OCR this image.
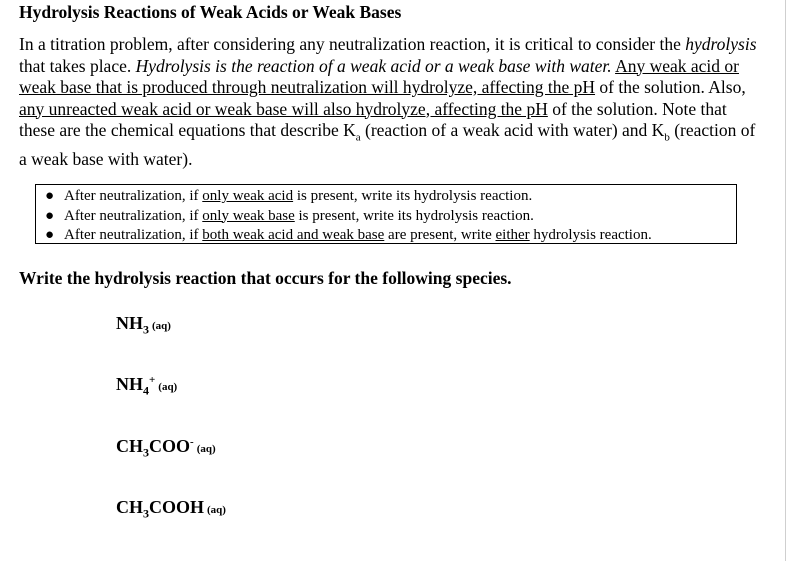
Hydrolysis Reactions of Weak Acids or Weak Bases
In a titration problem, after considering any neutralization reaction, it is critical to consider the hydrolysis that takes place. Hydrolysis is the reaction of a weak acid or a weak base with water. Any weak acid or weak base that is produced through neutralization will hydrolyze, affecting the pH of the solution. Also, any unreacted weak acid or weak base will also hydrolyze, affecting the pH of the solution. Note that these are the chemical equations that describe $K_a$ (reaction of a weak acid with water) and $K_b$ (reaction of a weak base with water).
● After neutralization, if only weak acid is present, write its hydrolysis reaction.
● After neutralization, if only weak base is present, write its hydrolysis reaction.
● After neutralization, if both weak acid and weak base are present, write either hydrolysis reaction.
Write the hydrolysis reaction that occurs for the following species.
$NH_3$ (aq)
$NH_4^+(aq)$
$CH_3COO^-(aq)$
$CH_3COOH$ (aq)
